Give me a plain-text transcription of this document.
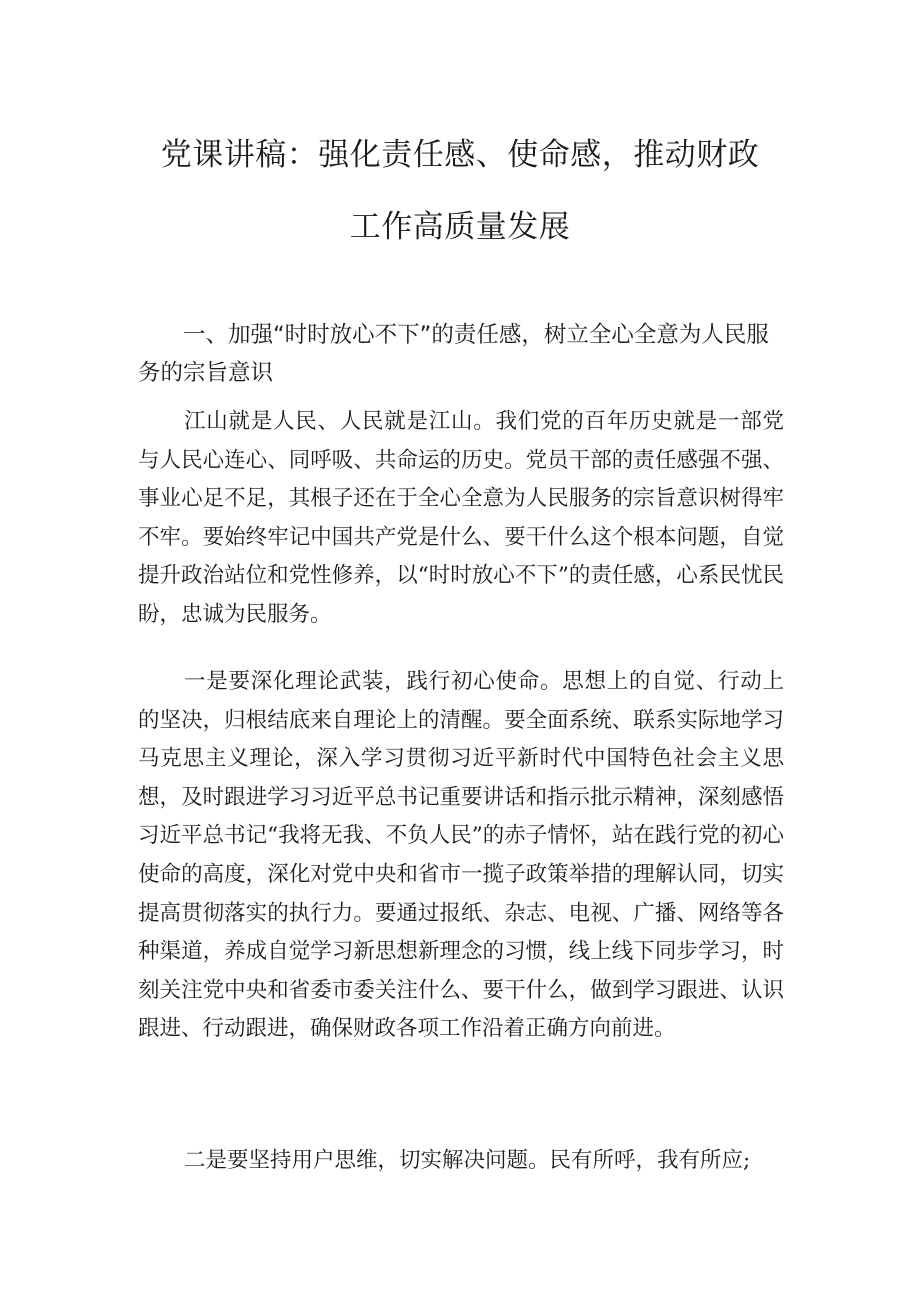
党课讲稿：强化责任感、使命感，推动财政
工作高质量发展
一、加强“时时放心不下”的责任感，树立全心全意为人民服务的宗旨意识

江山就是人民、人民就是江山。我们党的百年历史就是一部党与人民心连心、同呼吸、共命运的历史。党员干部的责任感强不强、事业心足不足，其根子还在于全心全意为人民服务的宗旨意识树得牢不牢。要始终牢记中国共产党是什么、要干什么这个根本问题，自觉提升政治站位和党性修养，以“时时放心不下”的责任感，心系民忧民盼，忠诚为民服务。

一是要深化理论武装，践行初心使命。思想上的自觉、行动上的坚决，归根结底来自理论上的清醒。要全面系统、联系实际地学习马克思主义理论，深入学习贯彻习近平新时代中国特色社会主义思想，及时跟进学习习近平总书记重要讲话和指示批示精神，深刻感悟习近平总书记“我将无我、不负人民”的赤子情怀，站在践行党的初心使命的高度，深化对党中央和省市一揽子政策举措的理解认同，切实提高贯彻落实的执行力。要通过报纸、杂志、电视、广播、网络等各种渠道，养成自觉学习新思想新理念的习惯，线上线下同步学习，时刻关注党中央和省委市委关注什么、要干什么，做到学习跟进、认识跟进、行动跟进，确保财政各项工作沿着正确方向前进。

二是要坚持用户思维，切实解决问题。民有所呼，我有所应;
